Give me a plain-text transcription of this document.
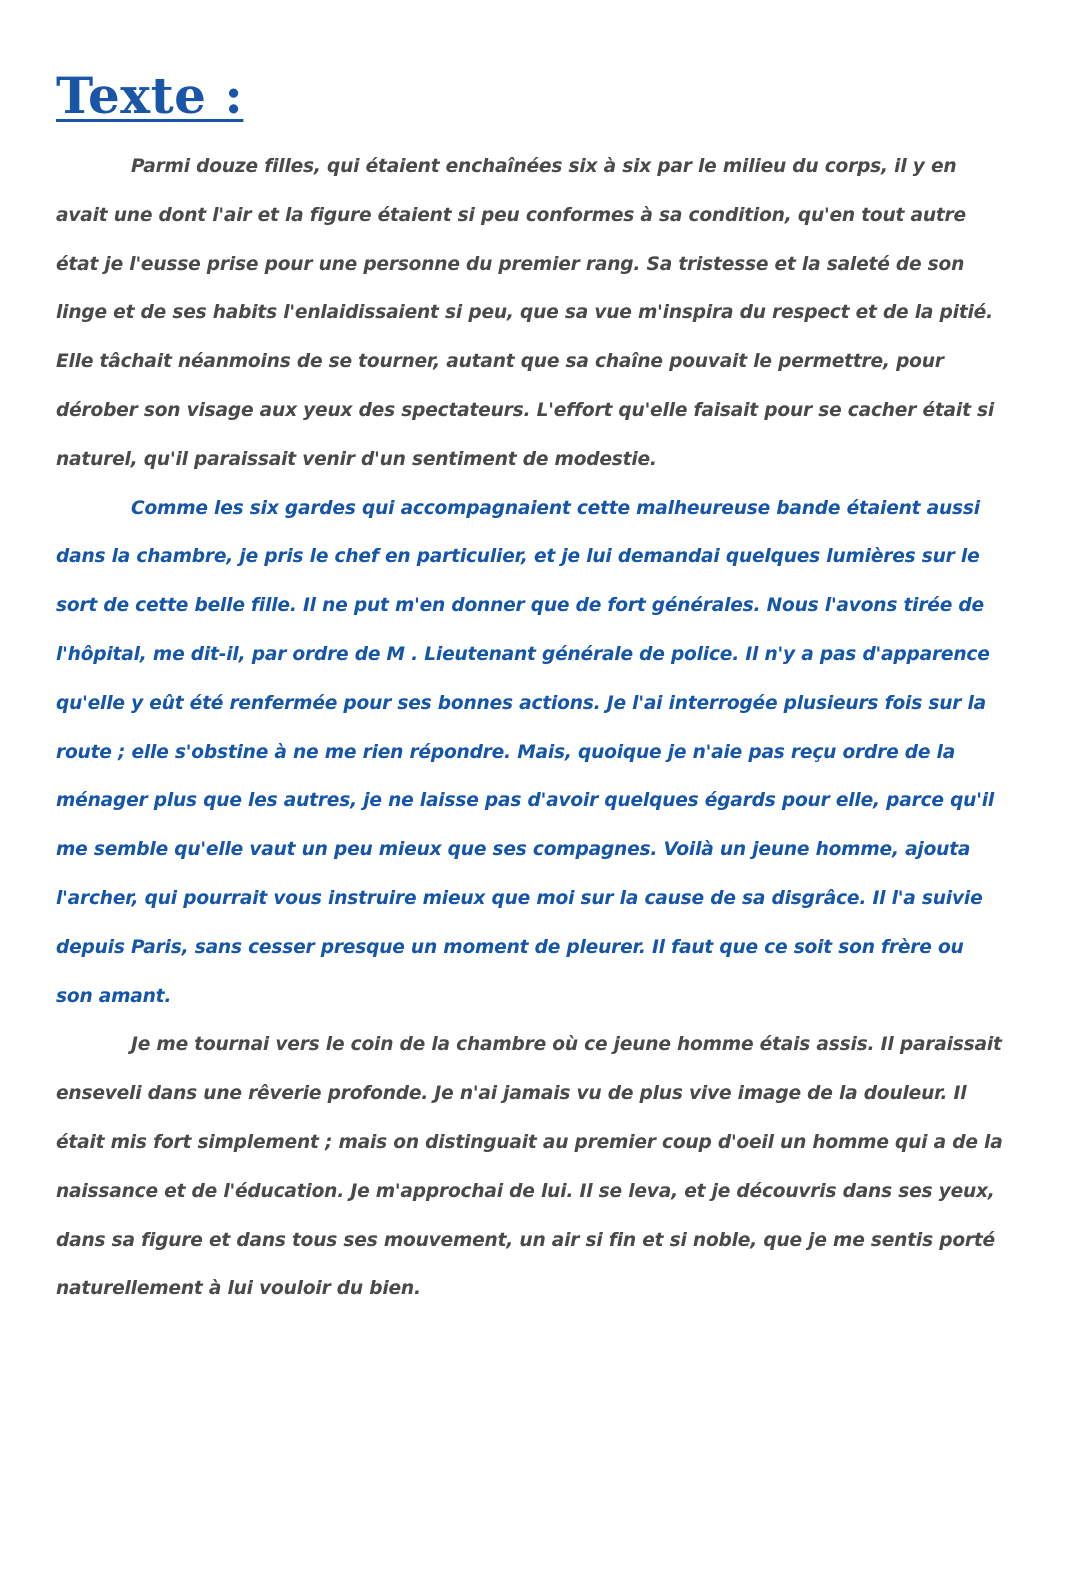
Texte :

Parmi douze filles, qui étaient enchaînées six à six par le milieu du corps, il y en avait une dont l'air et la figure étaient si peu conformes à sa condition, qu'en tout autre état je l'eusse prise pour une personne du premier rang. Sa tristesse et la saleté de son linge et de ses habits l'enlaidissaient si peu, que sa vue m'inspira du respect et de la pitié. Elle tâchait néanmoins de se tourner, autant que sa chaîne pouvait le permettre, pour dérober son visage aux yeux des spectateurs. L'effort qu'elle faisait pour se cacher était si naturel, qu'il paraissait venir d'un sentiment de modestie.

Comme les six gardes qui accompagnaient cette malheureuse bande étaient aussi dans la chambre, je pris le chef en particulier, et je lui demandai quelques lumières sur le sort de cette belle fille. Il ne put m'en donner que de fort générales. Nous l'avons tirée de l'hôpital, me dit-il, par ordre de M . Lieutenant générale de police. Il n'y a pas d'apparence qu'elle y eût été renfermée pour ses bonnes actions. Je l'ai interrogée plusieurs fois sur la route ; elle s'obstine à ne me rien répondre. Mais, quoique je n'aie pas reçu ordre de la ménager plus que les autres, je ne laisse pas d'avoir quelques égards pour elle, parce qu'il me semble qu'elle vaut un peu mieux que ses compagnes. Voilà un jeune homme, ajouta l'archer, qui pourrait vous instruire mieux que moi sur la cause de sa disgrâce. Il l'a suivie depuis Paris, sans cesser presque un moment de pleurer. Il faut que ce soit son frère ou son amant.

Je me tournai vers le coin de la chambre où ce jeune homme étais assis. Il paraissait enseveli dans une rêverie profonde. Je n'ai jamais vu de plus vive image de la douleur. Il était mis fort simplement ; mais on distinguait au premier coup d'oeil un homme qui a de la naissance et de l'éducation. Je m'approchai de lui. Il se leva, et je découvris dans ses yeux, dans sa figure et dans tous ses mouvement, un air si fin et si noble, que je me sentis porté naturellement à lui vouloir du bien.
